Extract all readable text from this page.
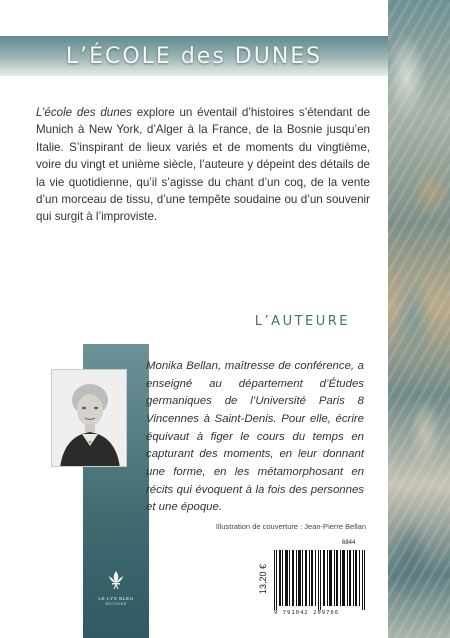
L’ÉCOLE des DUNES
L’école des dunes explore un éventail d’histoires s’étendant de Munich à New York, d’Alger à la France, de la Bosnie jusqu’en Italie. S’inspirant de lieux variés et de moments du vingtième, voire du vingt et unième siècle, l’auteure y dépeint des détails de la vie quotidienne, qu’il s’agisse du chant d’un coq, de la vente d’un morceau de tissu, d’une tempête soudaine ou d’un souvenir qui surgit à l’improviste.
L’AUTEURE
Monika Bellan, maîtresse de conférence, a enseigné au département d’Études germaniques de l’Université Paris 8 Vincennes à Saint-Denis. Pour elle, écrire équivaut à figer le cours du temps en capturant des moments, en leur donnant une forme, en les métamorphosant en récits qui évoquent à la fois des personnes et une époque.
Illustration de couverture : Jean-Pierre Bellan
LE LYS BLEU
ÉDITIONS
13,20 €
6844
9 791042 209766
